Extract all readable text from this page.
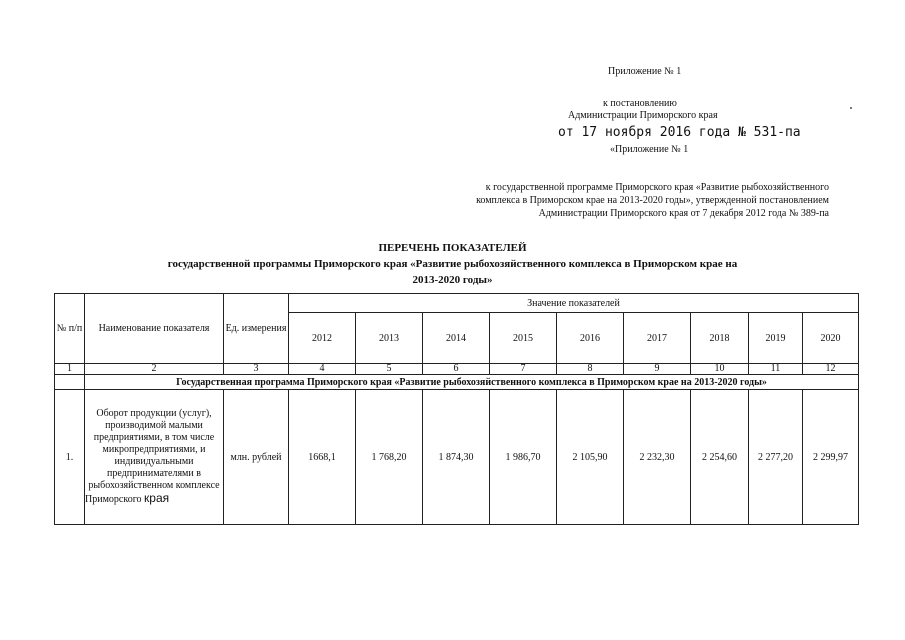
Приложение № 1
к постановлению
Администрации Приморского края
от 17 ноября 2016 года № 531-па
«Приложение № 1
к государственной программе Приморского края «Развитие рыбохозяйственного
комплекса в Приморском крае на 2013-2020 годы», утвержденной постановлением
Администрации Приморского края от 7 декабря 2012 года № 389-па
ПЕРЕЧЕНЬ ПОКАЗАТЕЛЕЙ
государственной программы Приморского края «Развитие рыбохозяйственного комплекса в Приморском крае на
2013-2020 годы»
№ п/п	Наименование показателя	Ед. измерения	Значение показателей								
			2012	2013	2014	2015	2016	2017	2018	2019	2020
1	2	3	4	5	6	7	8	9	10	11	12
	Государственная программа Приморского края «Развитие рыбохозяйственного комплекса в Приморском крае на 2013-2020 годы»										
1.	Оборот продукции (услуг), производимой малыми предприятиями, в том числе микропредприятиями, и индивидуальными предпринимателями в рыбохозяйственном комплексе Приморского края	млн. рублей	1668,1	1 768,20	1 874,30	1 986,70	2 105,90	2 232,30	2 254,60	2 277,20	2 299,97
